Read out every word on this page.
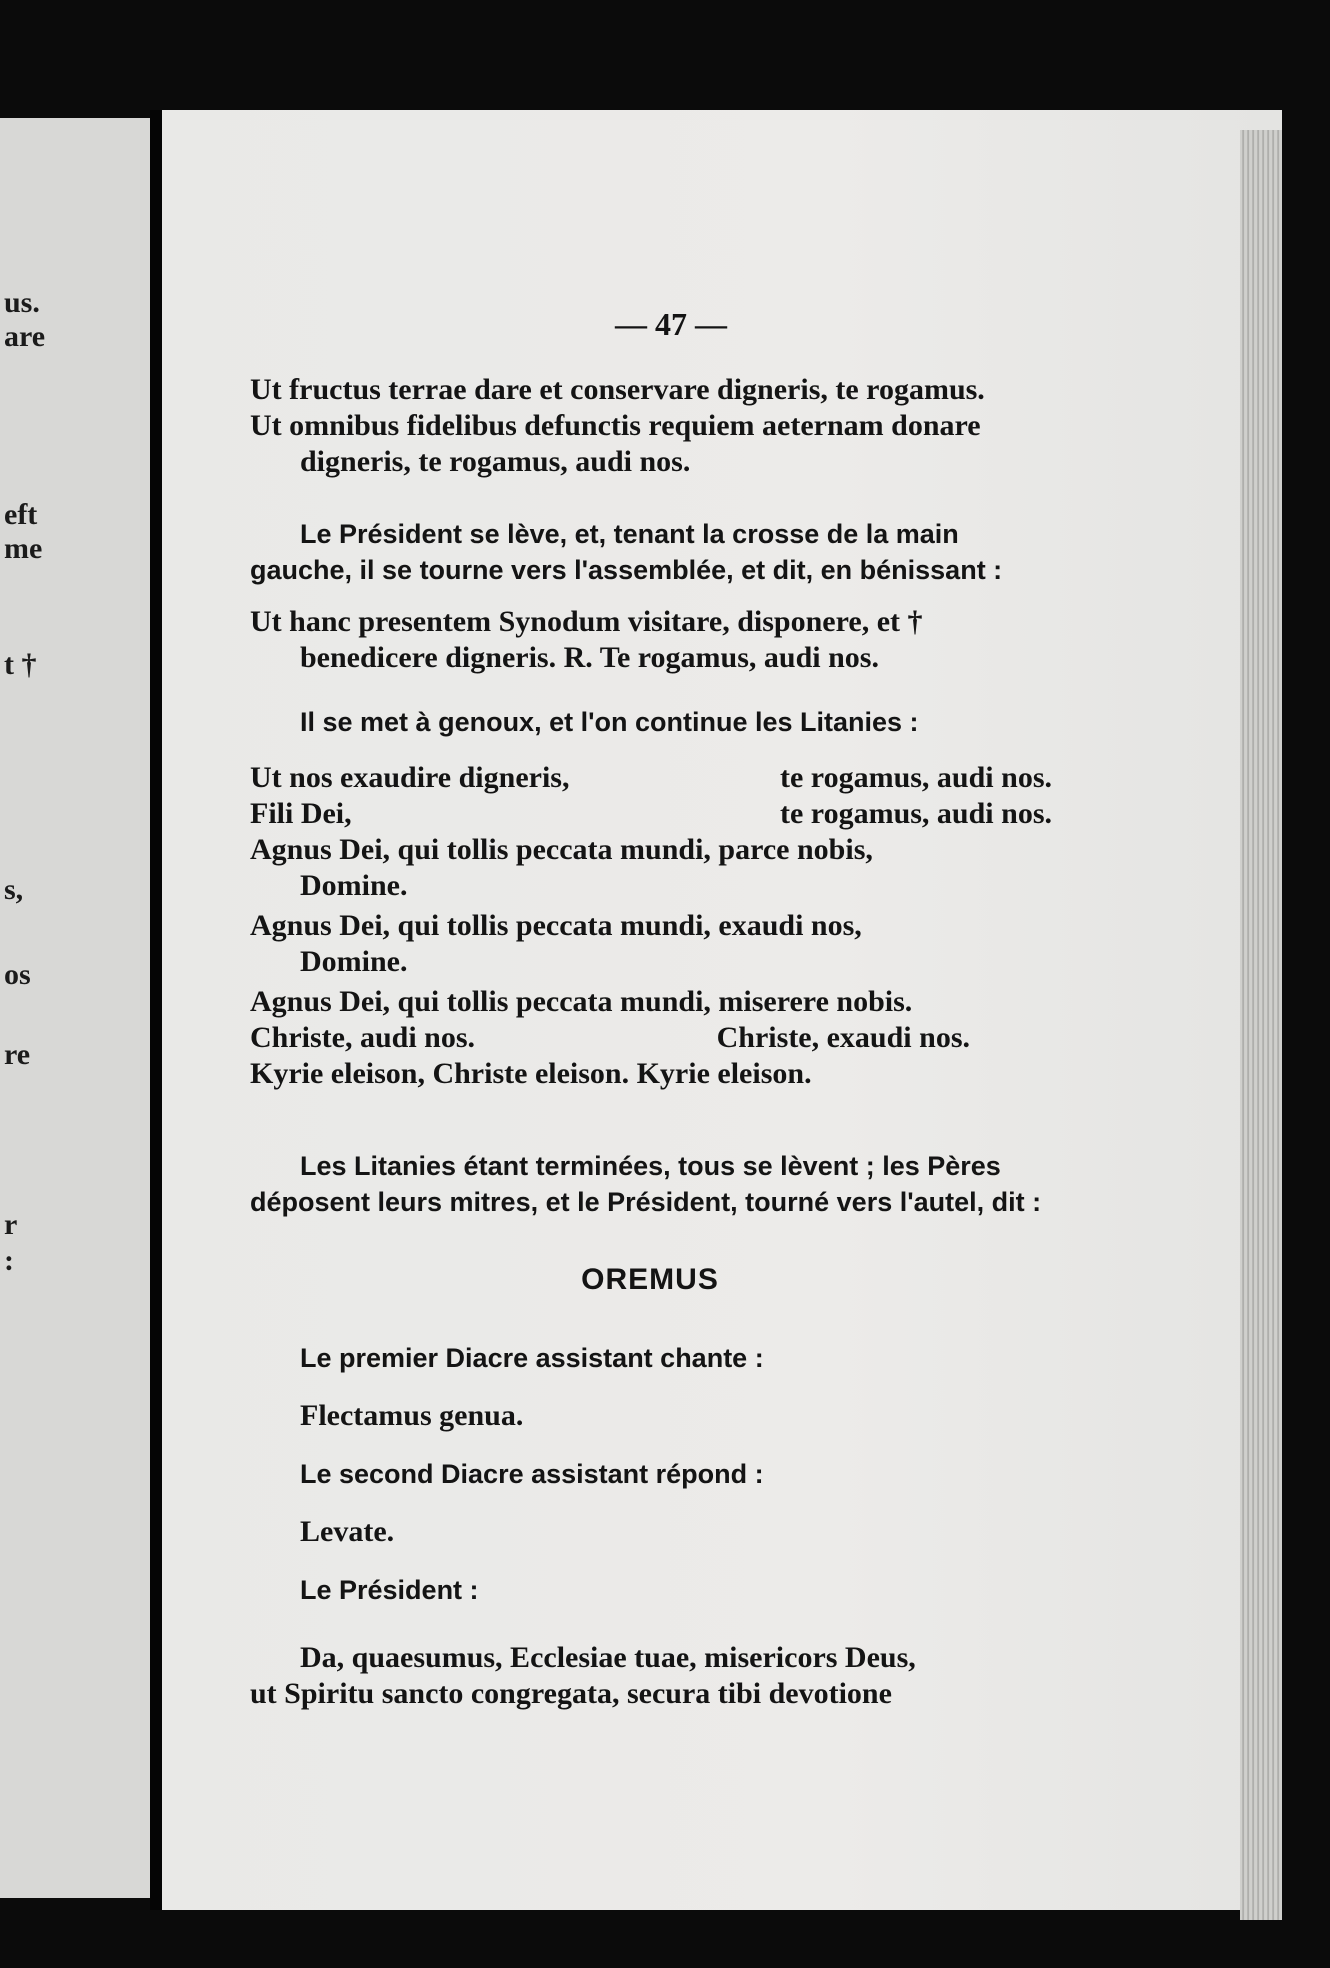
us.
are
eft
me
t †
s,
os
re
r
:
— 47 —

Ut fructus terrae dare et conservare digneris, te rogamus.

Ut omnibus fidelibus defunctis requiem aeternam donare

digneris, te rogamus, audi nos.

Le Président se lève, et, tenant la crosse de la main

gauche, il se tourne vers l'assemblée, et dit, en bénissant :

Ut hanc presentem Synodum visitare, disponere, et †

benedicere digneris. R. Te rogamus, audi nos.

Il se met à genoux, et l'on continue les Litanies :

Ut nos exaudire digneris,	te rogamus, audi nos.
Fili Dei,	te rogamus, audi nos.

Agnus Dei, qui tollis peccata mundi, parce nobis,

Domine.

Agnus Dei, qui tollis peccata mundi, exaudi nos,

Domine.

Agnus Dei, qui tollis peccata mundi, miserere nobis.

Christe, audi nos.	Christe, exaudi nos.

Kyrie eleison, Christe eleison. Kyrie eleison.

Les Litanies étant terminées, tous se lèvent ; les Pères

déposent leurs mitres, et le Président, tourné vers l'autel, dit :

OREMUS

Le premier Diacre assistant chante :

Flectamus genua.

Le second Diacre assistant répond :

Levate.

Le Président :

Da, quaesumus, Ecclesiae tuae, misericors Deus,

ut Spiritu sancto congregata, secura tibi devotione
